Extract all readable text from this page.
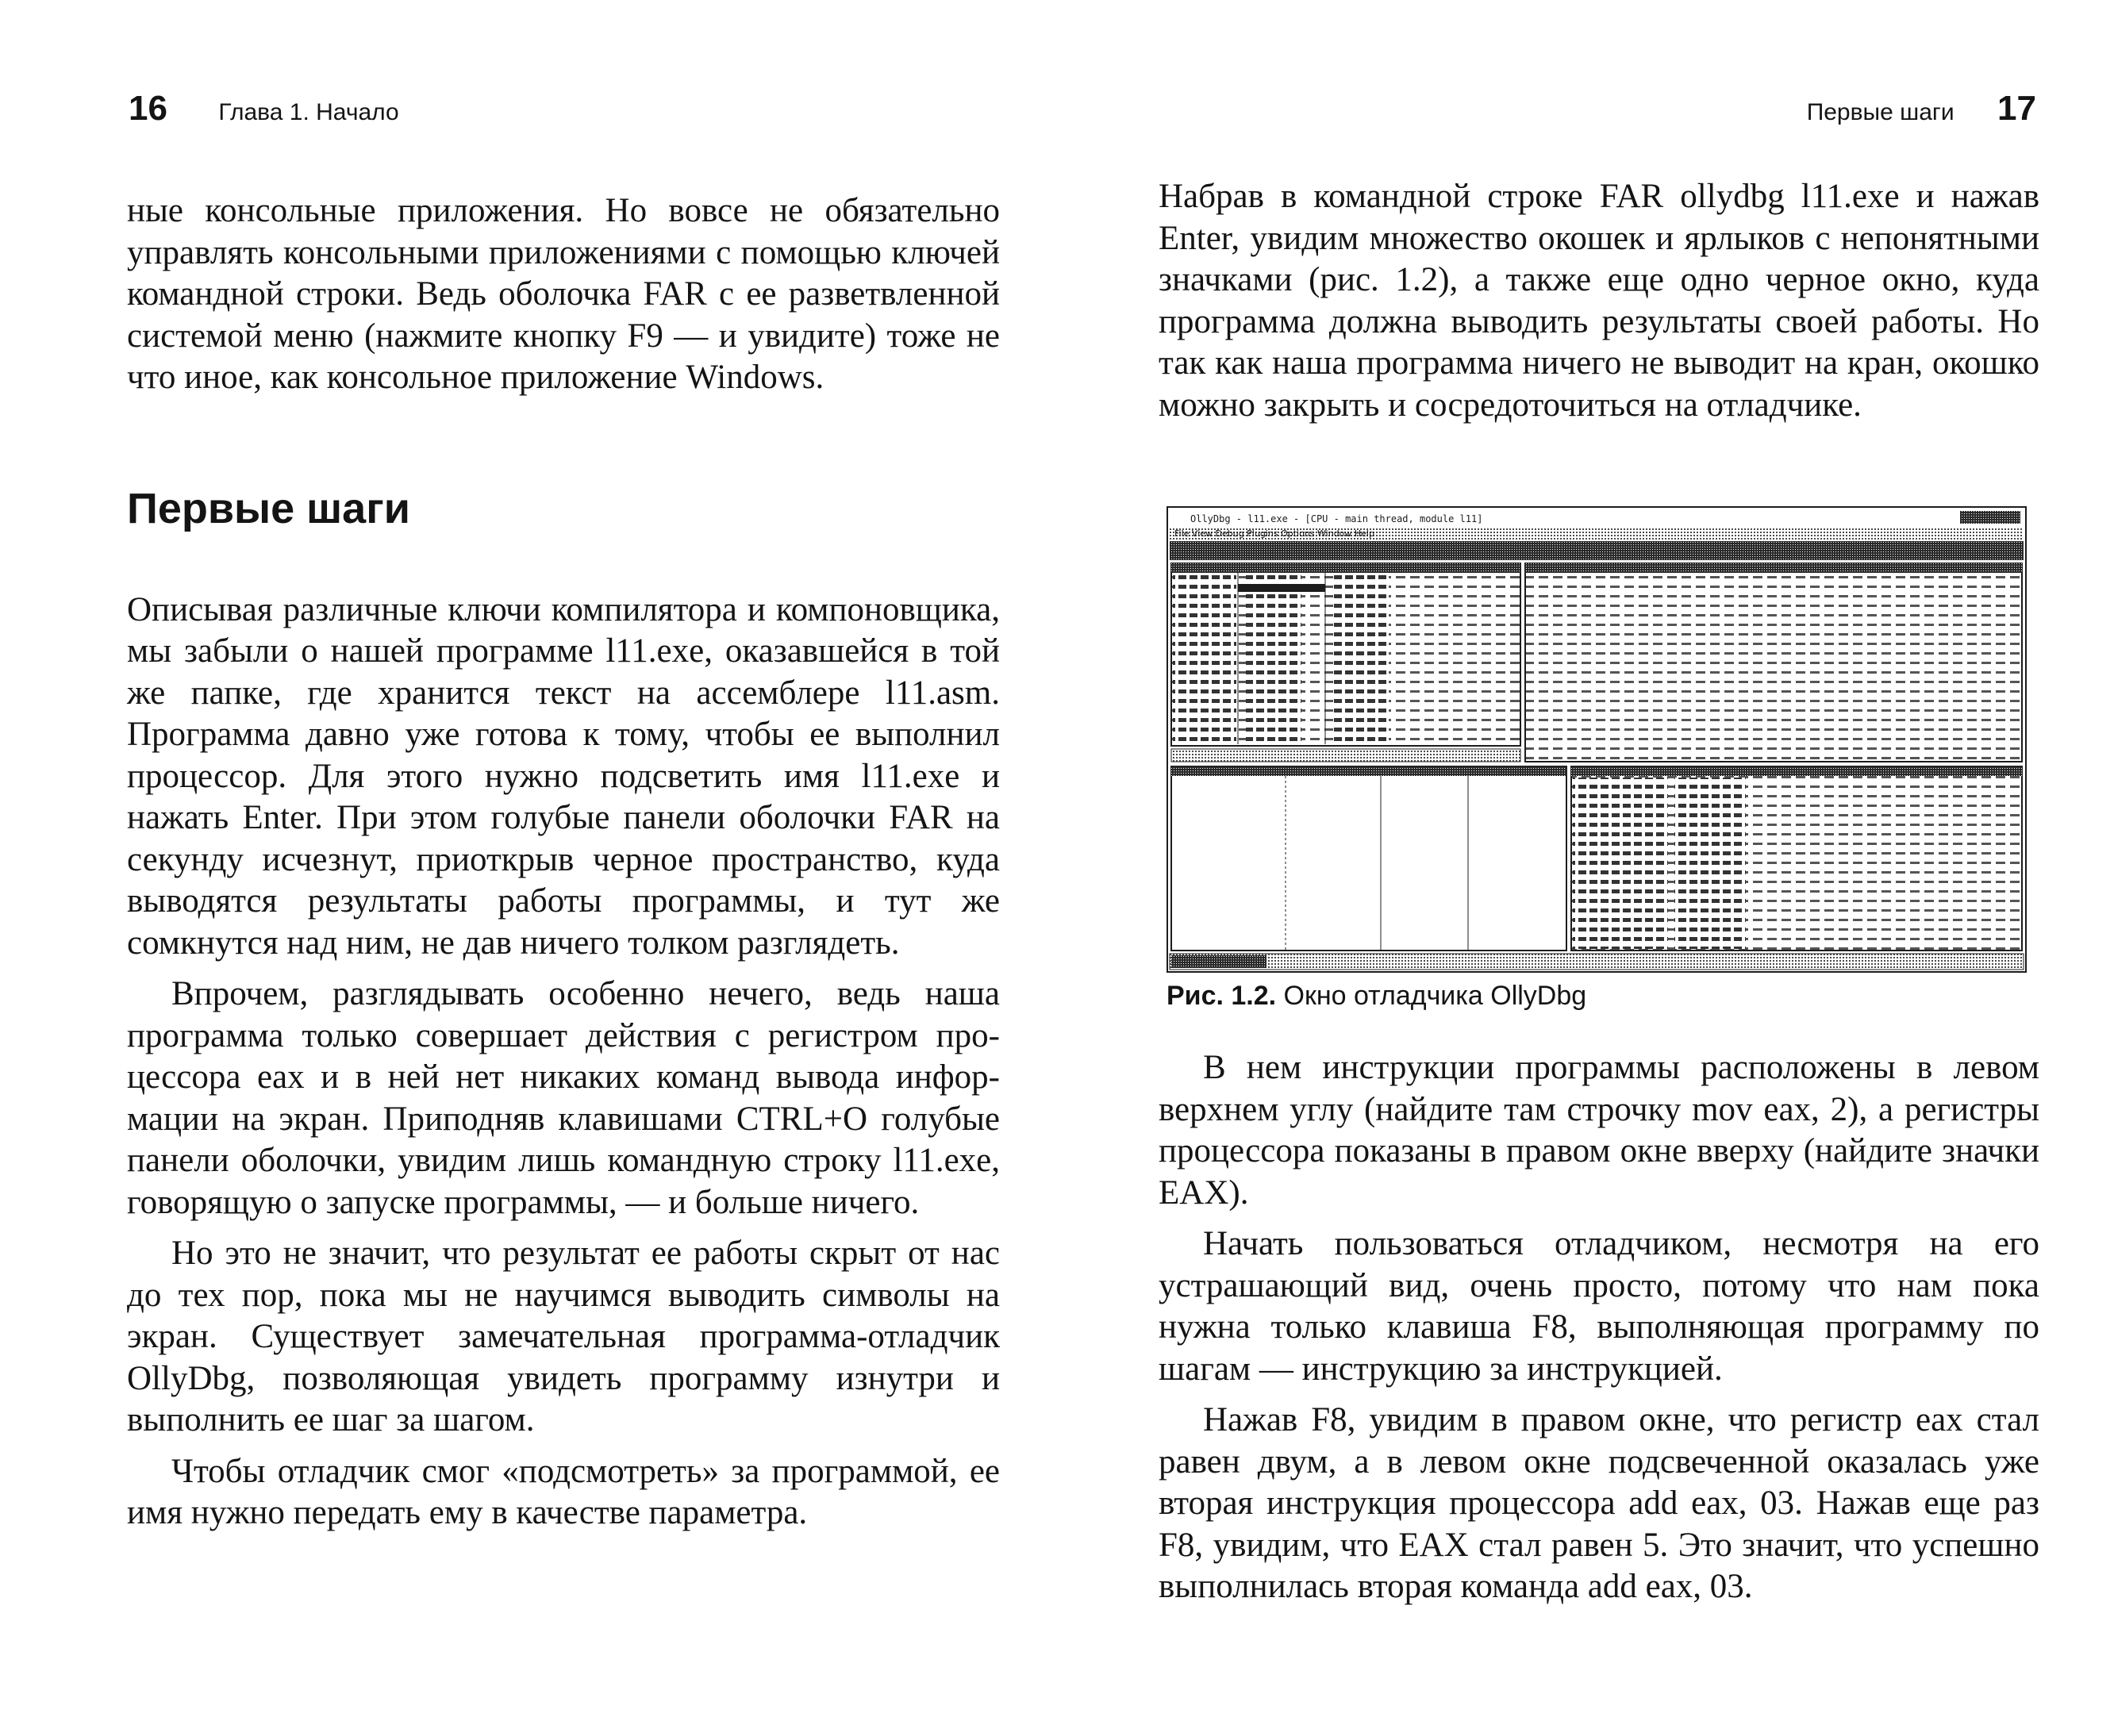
16 Глава 1. Начало

ные консольные приложения. Но вовсе не обязательно управлять консольными приложениями с помощью ключей командной строки. Ведь оболочка FAR с ее разветвленной системой меню (нажмите кнопку F9 — и увидите) тоже не что иное, как консольное приложение Windows.

Первые шаги

Описывая различные ключи компилятора и компоновщика, мы забыли о нашей программе l11.exe, оказавшейся в той же папке, где хранится текст на ассемблере l11.asm. Программа давно уже готова к тому, чтобы ее выполнил процессор. Для этого нужно подсветить имя l11.exe и нажать Enter. При этом голубые панели оболочки FAR на секунду исчезнут, приоткрыв черное пространство, куда выводятся результаты работы программы, и тут же сомкнутся над ним, не дав ничего толком разглядеть.

Впрочем, разглядывать особенно нечего, ведь наша программа только совершает действия с регистром процессора eax и в ней нет никаких команд вывода информации на экран. Приподняв клавишами CTRL+O голубые панели оболочки, увидим лишь командную строку l11.exe, говорящую о запуске программы, — и больше ничего.

Но это не значит, что результат ее работы скрыт от нас до тех пор, пока мы не научимся выводить символы на экран. Существует замечательная программа-отладчик OllyDbg, позволяющая увидеть программу изнутри и выполнить ее шаг за шагом.

Чтобы отладчик смог «подсмотреть» за программой, ее имя нужно передать ему в качестве параметра.

Первые шаги 17

Набрав в командной строке FAR ollydbg l11.exe и нажав Enter, увидим множество окошек и ярлыков с непонятными значками (рис. 1.2), а также еще одно черное окно, куда программа должна выводить результаты своей работы. Но так как наша программа ничего не выводит на кран, окошко можно закрыть и сосредоточиться на отладчике.

OllyDbg - l11.exe - [CPU - main thread, module l11]
File View Debug Plugins Options Window Help
Рис. 1.2. Окно отладчика OllyDbg

В нем инструкции программы расположены в левом верхнем углу (найдите там строчку mov eax, 2), а регистры процессора показаны в правом окне вверху (найдите значки EAX).

Начать пользоваться отладчиком, несмотря на его устрашающий вид, очень просто, потому что нам пока нужна только клавиша F8, выполняющая программу по шагам — инструкцию за инструкцией.

Нажав F8, увидим в правом окне, что регистр eax стал равен двум, а в левом окне подсвеченной оказалась уже вторая инструкция процессора add eax, 03. Нажав еще раз F8, увидим, что EAX стал равен 5. Это значит, что успешно выполнилась вторая команда add eax, 03.
